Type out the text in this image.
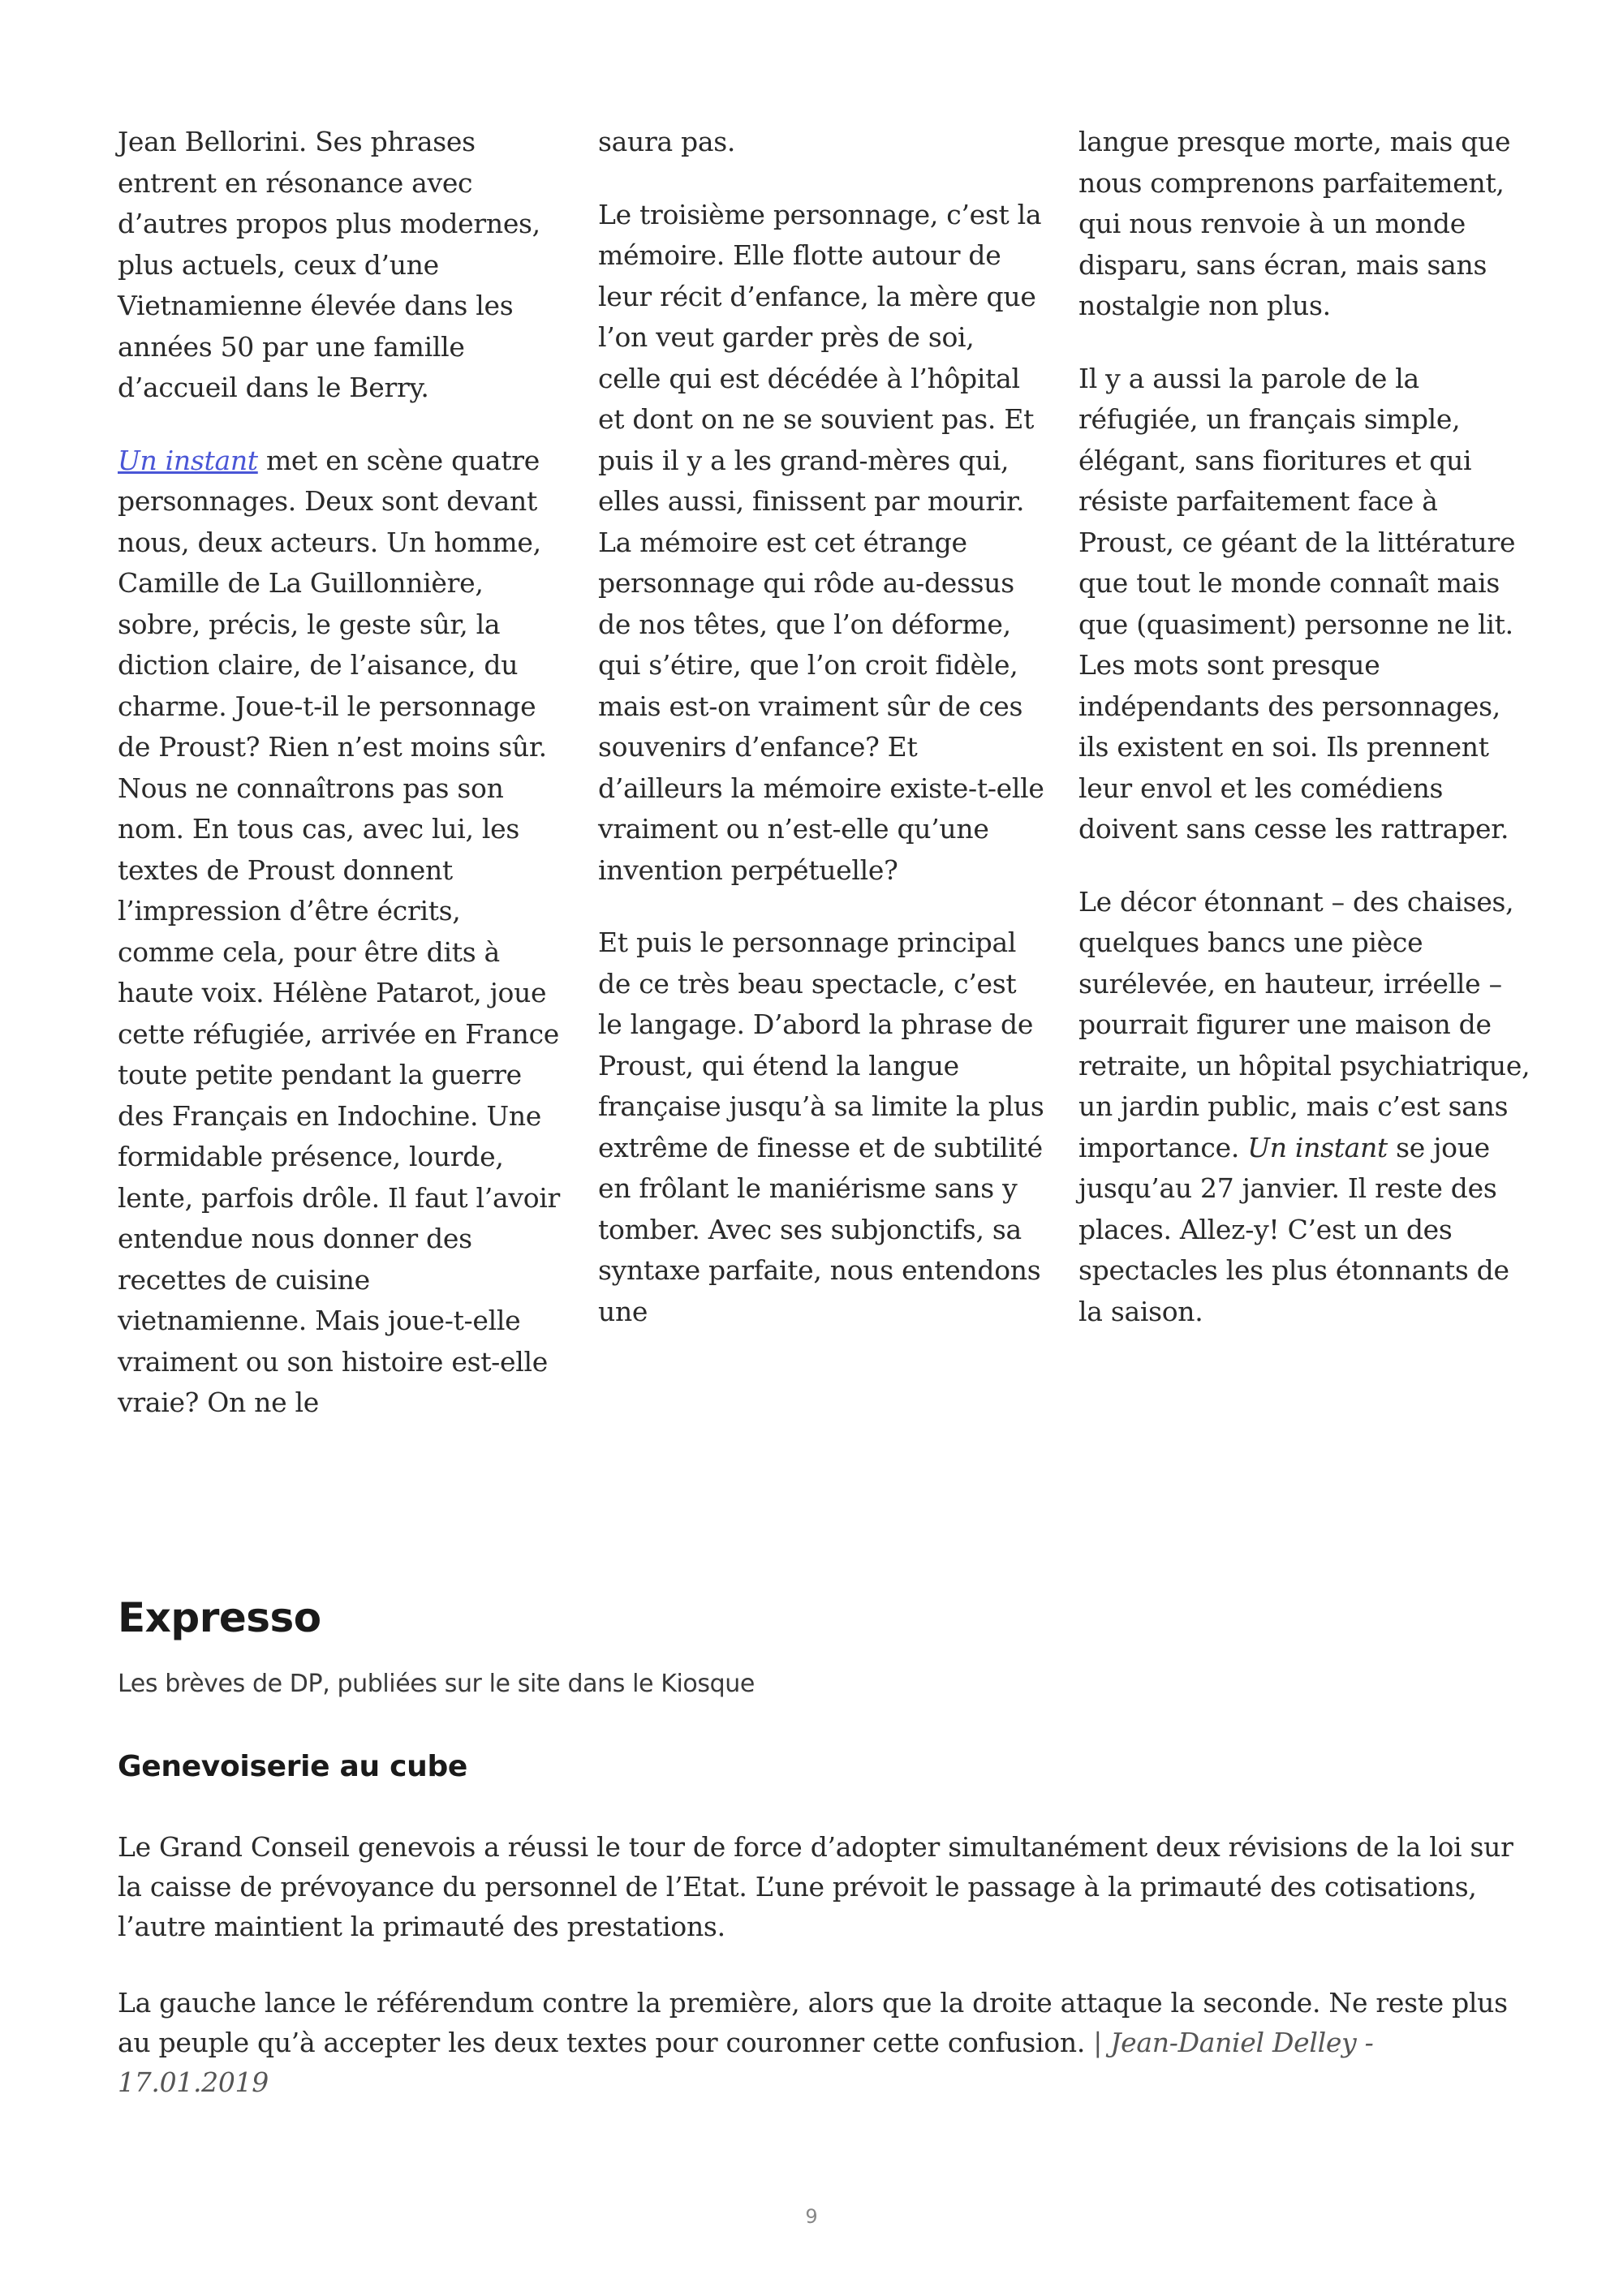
Jean Bellorini. Ses phrases entrent en résonance avec d’autres propos plus modernes, plus actuels, ceux d’une Vietnamienne élevée dans les années 50 par une famille d’accueil dans le Berry.

Un instant met en scène quatre personnages. Deux sont devant nous, deux acteurs. Un homme, Camille de La Guillonnière, sobre, précis, le geste sûr, la diction claire, de l’aisance, du charme. Joue-t-il le personnage de Proust? Rien n’est moins sûr. Nous ne connaîtrons pas son nom. En tous cas, avec lui, les textes de Proust donnent l’impression d’être écrits, comme cela, pour être dits à haute voix. Hélène Patarot, joue cette réfugiée, arrivée en France toute petite pendant la guerre des Français en Indochine. Une formidable présence, lourde, lente, parfois drôle. Il faut l’avoir entendue nous donner des recettes de cuisine vietnamienne. Mais joue-t-elle vraiment ou son histoire est-elle vraie? On ne le

saura pas.

Le troisième personnage, c’est la mémoire. Elle flotte autour de leur récit d’enfance, la mère que l’on veut garder près de soi, celle qui est décédée à l’hôpital et dont on ne se souvient pas. Et puis il y a les grand-mères qui, elles aussi, finissent par mourir. La mémoire est cet étrange personnage qui rôde au-dessus de nos têtes, que l’on déforme, qui s’étire, que l’on croit fidèle, mais est-on vraiment sûr de ces souvenirs d’enfance? Et d’ailleurs la mémoire existe-t-elle vraiment ou n’est-elle qu’une invention perpétuelle?

Et puis le personnage principal de ce très beau spectacle, c’est le langage. D’abord la phrase de Proust, qui étend la langue française jusqu’à sa limite la plus extrême de finesse et de subtilité en frôlant le maniérisme sans y tomber. Avec ses subjonctifs, sa syntaxe parfaite, nous entendons une

langue presque morte, mais que nous comprenons parfaitement, qui nous renvoie à un monde disparu, sans écran, mais sans nostalgie non plus.

Il y a aussi la parole de la réfugiée, un français simple, élégant, sans fioritures et qui résiste parfaitement face à Proust, ce géant de la littérature que tout le monde connaît mais que (quasiment) personne ne lit. Les mots sont presque indépendants des personnages, ils existent en soi. Ils prennent leur envol et les comédiens doivent sans cesse les rattraper.

Le décor étonnant – des chaises, quelques bancs une pièce surélevée, en hauteur, irréelle – pourrait figurer une maison de retraite, un hôpital psychiatrique, un jardin public, mais c’est sans importance. Un instant se joue jusqu’au 27 janvier. Il reste des places. Allez-y! C’est un des spectacles les plus étonnants de la saison.

Expresso

Les brèves de DP, publiées sur le site dans le Kiosque

Genevoiserie au cube

Le Grand Conseil genevois a réussi le tour de force d’adopter simultanément deux révisions de la loi sur la caisse de prévoyance du personnel de l’Etat. L’une prévoit le passage à la primauté des cotisations, l’autre maintient la primauté des prestations.

La gauche lance le référendum contre la première, alors que la droite attaque la seconde. Ne reste plus au peuple qu’à accepter les deux textes pour couronner cette confusion. | Jean-Daniel Delley - 17.01.2019

9
